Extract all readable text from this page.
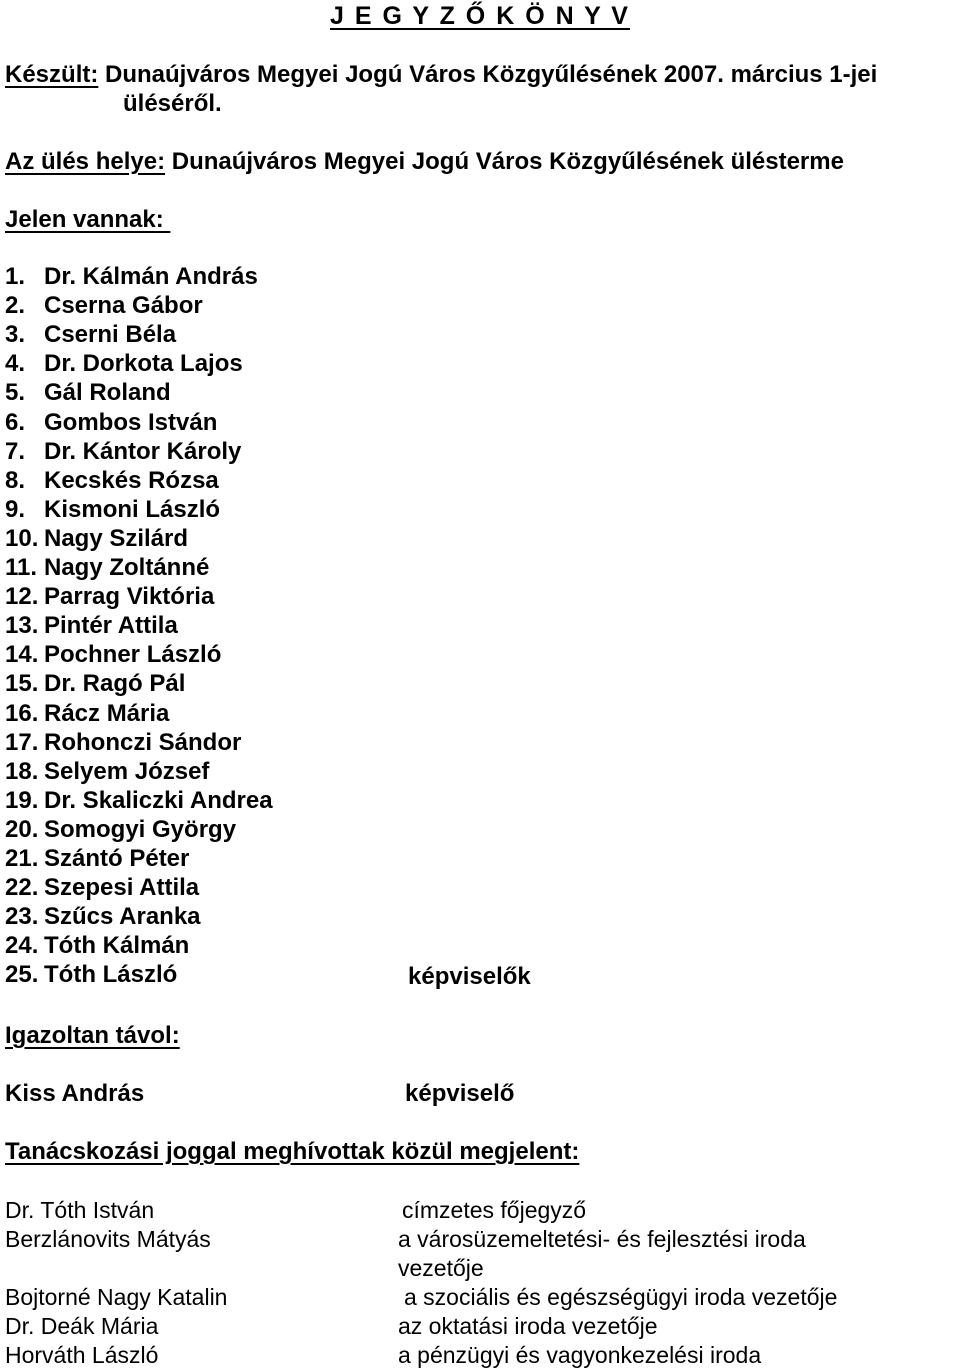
J E G Y Z Ő K Ö N Y V
Készült: Dunaújváros Megyei Jogú Város Közgyűlésének 2007. március 1-jei
üléséről.
Az ülés helye: Dunaújváros Megyei Jogú Város Közgyűlésének ülésterme
Jelen vannak:
1. Dr. Kálmán András
2. Cserna Gábor
3. Cserni Béla
4. Dr. Dorkota Lajos
5. Gál Roland
6. Gombos István
7. Dr. Kántor Károly
8. Kecskés Rózsa
9. Kismoni László
10. Nagy Szilárd
11. Nagy Zoltánné
12. Parrag Viktória
13. Pintér Attila
14. Pochner László
15. Dr. Ragó Pál
16. Rácz Mária
17. Rohonczi Sándor
18. Selyem József
19. Dr. Skaliczki Andrea
20. Somogyi György
21. Szántó Péter
22. Szepesi Attila
23. Szűcs Aranka
24. Tóth Kálmán
25. Tóth László	képviselők
Igazoltan távol:
Kiss András	képviselő
Tanácskozási joggal meghívottak közül megjelent:
Dr. Tóth István	címzetes főjegyző
Berzlánovits Mátyás	a városüzemeltetési- és fejlesztési iroda
vezetője
Bojtorné Nagy Katalin	a szociális és egészségügyi iroda vezetője
Dr. Deák Mária	az oktatási iroda vezetője
Horváth László	a pénzügyi és vagyonkezelési iroda
